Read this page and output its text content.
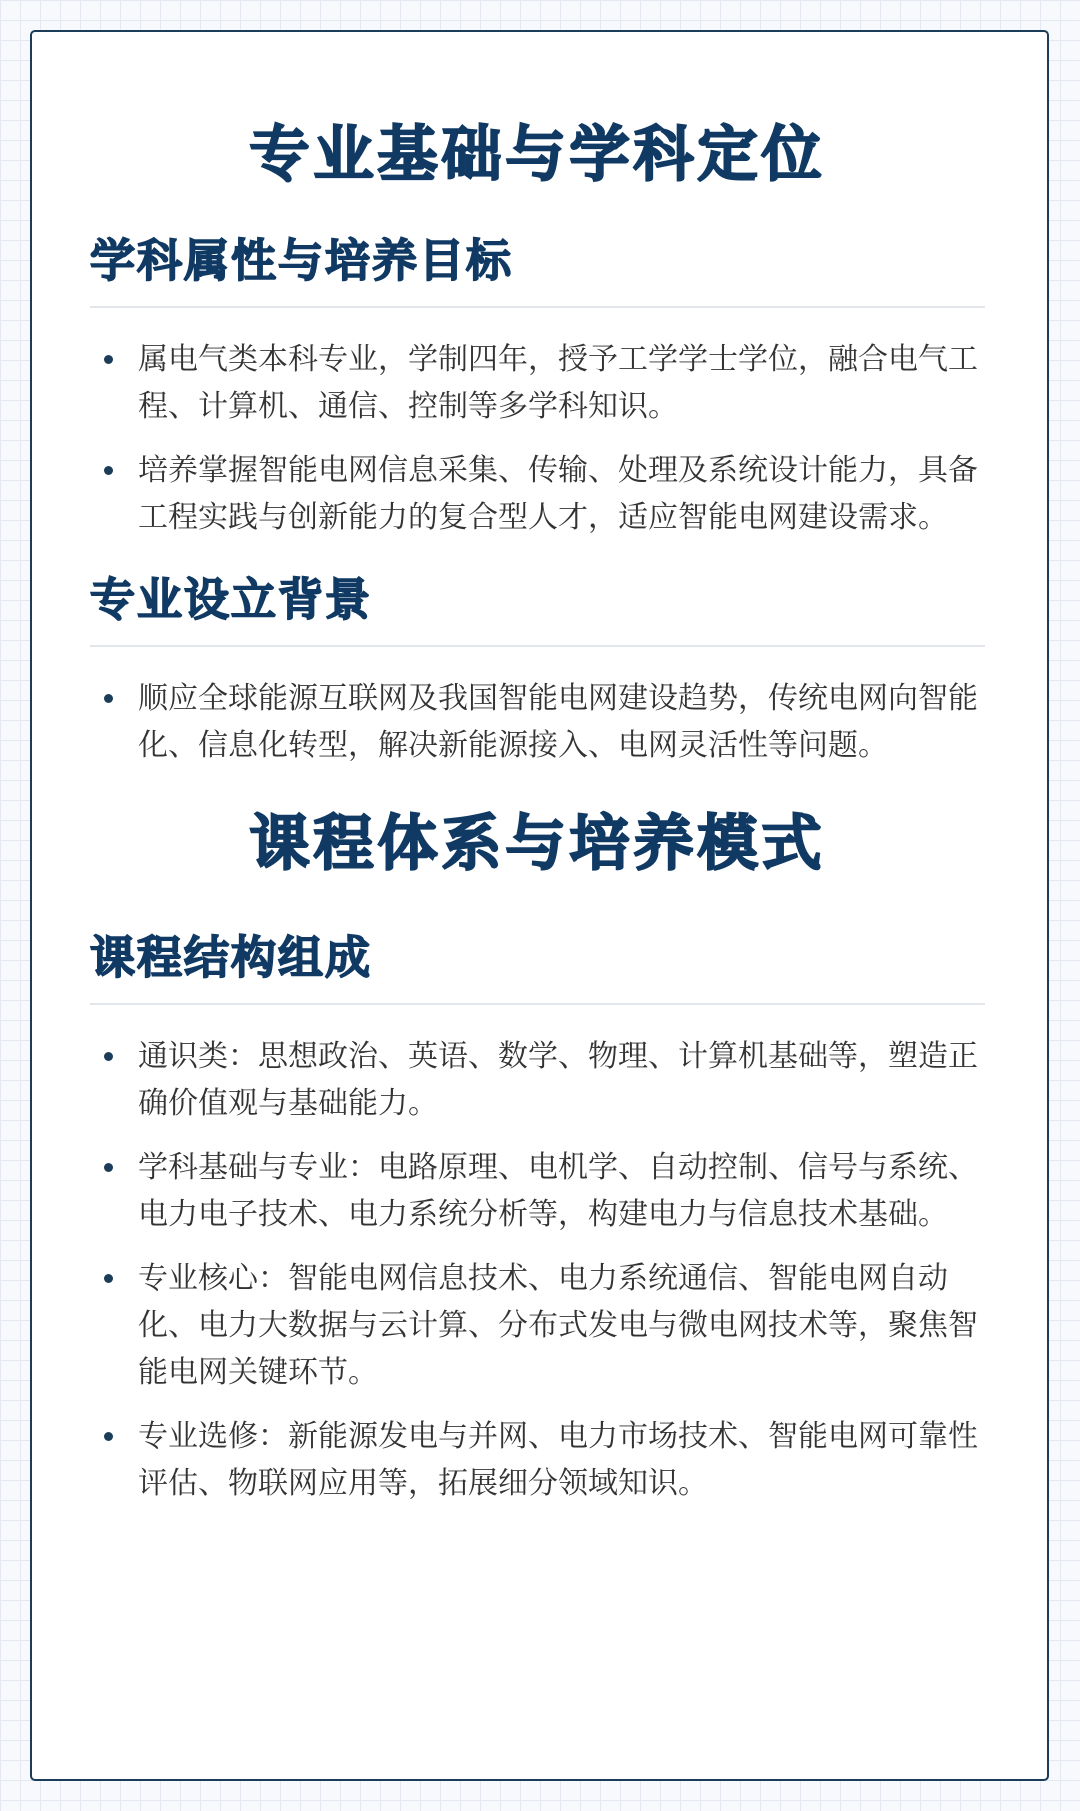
专业基础与学科定位
学科属性与培养目标
属电气类本科专业，学制四年，授予工学学士学位，融合电气工程、计算机、通信、控制等多学科知识。
培养掌握智能电网信息采集、传输、处理及系统设计能力，具备工程实践与创新能力的复合型人才，适应智能电网建设需求。
专业设立背景
顺应全球能源互联网及我国智能电网建设趋势，传统电网向智能化、信息化转型，解决新能源接入、电网灵活性等问题。
课程体系与培养模式
课程结构组成
通识类：思想政治、英语、数学、物理、计算机基础等，塑造正确价值观与基础能力。
学科基础与专业：电路原理、电机学、自动控制、信号与系统、电力电子技术、电力系统分析等，构建电力与信息技术基础。
专业核心：智能电网信息技术、电力系统通信、智能电网自动化、电力大数据与云计算、分布式发电与微电网技术等，聚焦智能电网关键环节。
专业选修：新能源发电与并网、电力市场技术、智能电网可靠性评估、物联网应用等，拓展细分领域知识。
